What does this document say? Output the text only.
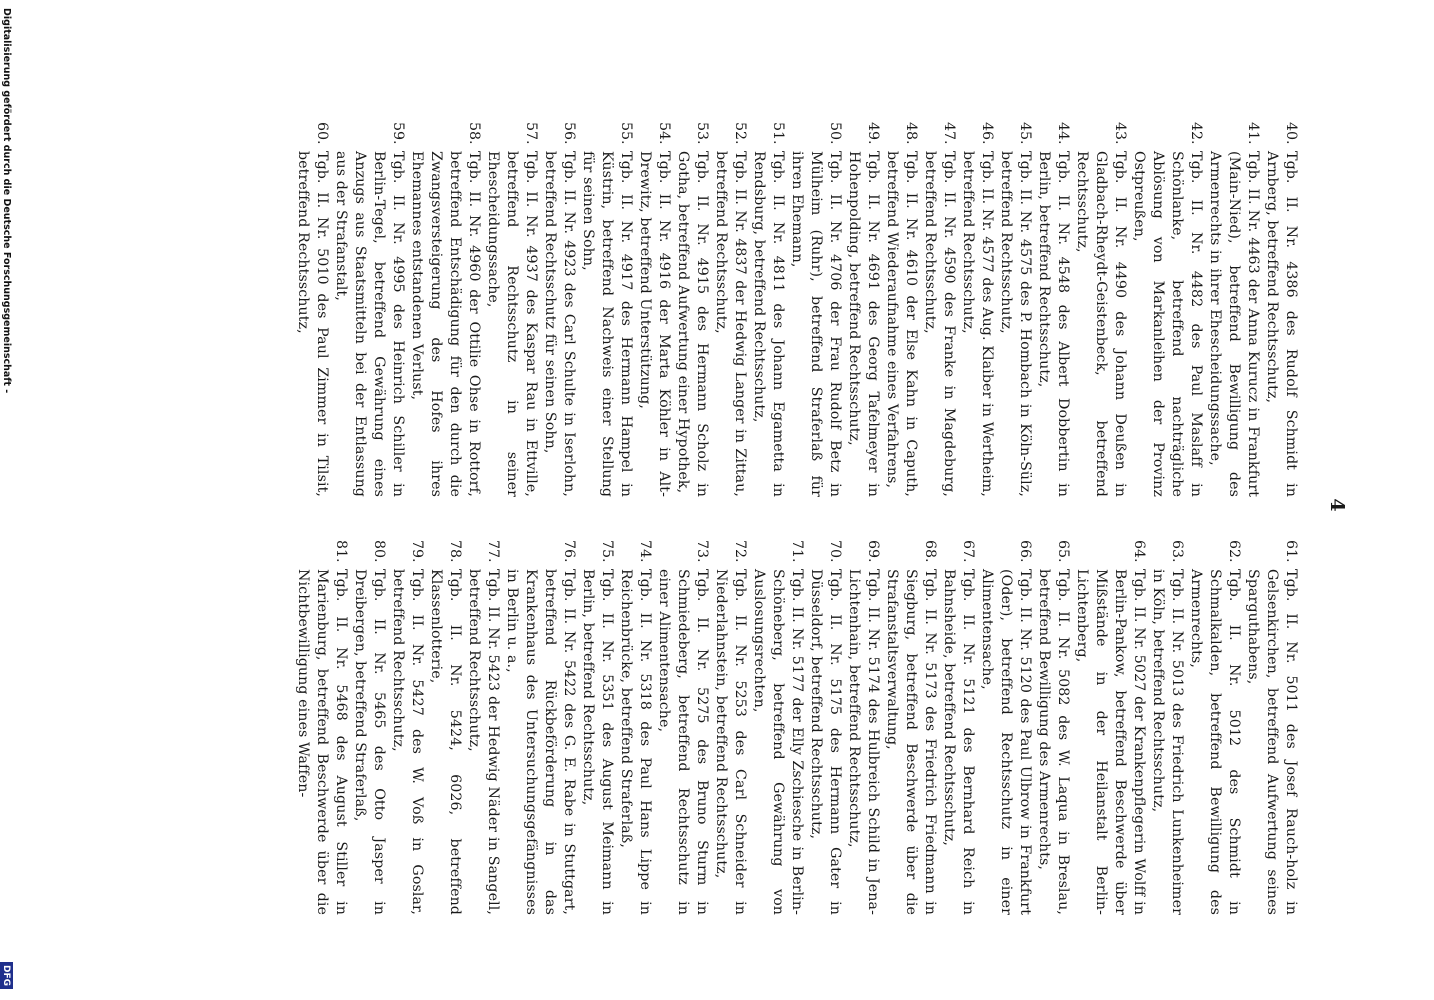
4
40.
Tgb. II. Nr. 4386 des Rudolf Schmidt in Arnberg, betreffend Rechtsschutz,
41.
Tgb. II. Nr. 4463 der Anna Kurucz in Frankfurt (Main-Nied), betreffend Bewilligung des Armenrechts in ihrer Ehescheidungssache,
42.
Tgb. II. Nr. 4482 des Paul Maslaff in Schönlanke, betreffend nachträgliche Ablösung von Markanleihen der Provinz Ostpreußen,
43.
Tgb. II. Nr. 4490 des Johann Deußen in Gladbach-Rheydt-Geistenbeck, betreffend Rechtsschutz,
44.
Tgb. II. Nr. 4548 des Albert Dobbertin in Berlin, betreffend Rechtsschutz,
45.
Tgb. II. Nr. 4575 des P. Hombach in Köln-Sülz, betreffend Rechtsschutz,
46.
Tgb. II. Nr. 4577 des Aug. Klaiber in Wertheim, betreffend Rechtsschutz,
47.
Tgb. II. Nr. 4590 des Franke in Magdeburg, betreffend Rechtsschutz,
48.
Tgb. II. Nr. 4610 der Else Kahn in Caputh, betreffend Wiederaufnahme eines Verfahrens,
49.
Tgb. II. Nr. 4691 des Georg Tafelmeyer in Hohenpolding, betreffend Rechtsschutz,
50.
Tgb. II. Nr. 4706 der Frau Rudolf Betz in Mülheim (Ruhr), betreffend Straferlaß für ihren Ehemann,
51.
Tgb. II. Nr. 4811 des Johann Egametta in Rendsburg, betreffend Rechtsschutz,
52.
Tgb. II. Nr. 4837 der Hedwig Langer in Zittau, betreffend Rechtsschutz,
53.
Tgb. II. Nr. 4915 des Hermann Scholz in Gotha, betreffend Aufwertung einer Hypothek,
54.
Tgb. II. Nr. 4916 der Marta Köhler in Alt-Drewitz, betreffend Unterstützung,
55.
Tgb. II. Nr. 4917 des Hermann Hampel in Küstrin, betreffend Nachweis einer Stellung für seinen Sohn,
56.
Tgb. II. Nr. 4923 des Carl Schulte in Iserlohn, betreffend Rechtsschutz für seinen Sohn,
57.
Tgb. II. Nr. 4937 des Kaspar Rau in Ettville, betreffend Rechtsschutz in seiner Ehescheidungssache,
58.
Tgb. II. Nr. 4960 der Ottilie Ohse in Rottorf, betreffend Entschädigung für den durch die Zwangsversteigerung des Hofes ihres Ehemannes entstandenen Verlust,
59.
Tgb. II. Nr. 4995 des Heinrich Schiller in Berlin-Tegel, betreffend Gewährung eines Anzugs aus Staatsmitteln bei der Entlassung aus der Strafanstalt,
60.
Tgb. II. Nr. 5010 des Paul Zimmer in Tilsit, betreffend Rechtsschutz,
61.
Tgb. II. Nr. 5011 des Josef Rauch-holz in Gelsenkirchen, betreffend Aufwertung seines Sparguthabens,
62.
Tgb. II. Nr. 5012 des Schmidt in Schmalkalden, betreffend Bewilligung des Armenrechts,
63.
Tgb. II. Nr. 5013 des Friedrich Lunkenheimer in Köln, betreffend Rechtsschutz,
64.
Tgb. II. Nr. 5027 der Krankenpflegerin Wolff in Berlin-Pankow, betreffend Beschwerde über Mißstände in der Heilanstalt Berlin-Lichtenberg,
65.
Tgb. II. Nr. 5082 des W. Laqua in Breslau, betreffend Bewilligung des Armenrechts,
66.
Tgb. II. Nr. 5120 des Paul Ulbrow in Frankfurt (Oder), betreffend Rechtsschutz in einer Alimentensache,
67.
Tgb. II. Nr. 5121 des Bernhard Reich in Bahnsheide, betreffend Rechtsschutz,
68.
Tgb. II. Nr. 5173 des Friedrich Friedmann in Siegburg, betreffend Beschwerde über die Strafanstaltsverwaltung,
69.
Tgb. II. Nr. 5174 des Hulbreich Schild in Jena-Lichtenhain, betreffend Rechtsschutz,
70.
Tgb. II. Nr. 5175 des Hermann Gater in Düsseldorf, betreffend Rechtsschutz,
71.
Tgb. II. Nr. 5177 der Elly Zschiesche in Berlin-Schöneberg, betreffend Gewährung von Auslosungsrechten,
72.
Tgb. II. Nr. 5253 des Carl Schneider in Niederlahnstein, betreffend Rechtsschutz,
73.
Tgb. II. Nr. 5275 des Bruno Sturm in Schmiedeberg, betreffend Rechtsschutz in einer Alimentensache,
74.
Tgb. II. Nr. 5318 des Paul Hans Lippe in Reichenbrücke, betreffend Straferlaß,
75.
Tgb. II. Nr. 5351 des August Meimann in Berlin, betreffend Rechtsschutz,
76.
Tgb. II. Nr. 5422 des G. E. Rabe in Stuttgart, betreffend Rückbeförderung in das Krankenhaus des Untersuchungsgefängnisses in Berlin u. a.,
77.
Tgb. II. Nr. 5423 der Hedwig Näder in Sangell, betreffend Rechtsschutz,
78.
Tgb. II. Nr. 5424, 6026, betreffend Klassenlotterie,
79.
Tgb. II. Nr. 5427 des W. Voß in Goslar, betreffend Rechtsschutz,
80.
Tgb. II. Nr. 5465 des Otto Jasper in Dreibergen, betreffend Straferlaß,
81.
Tgb. II. Nr. 5468 des August Stiller in Marienburg, betreffend Beschwerde über die Nichtbewilligung eines Waffen-
Digitalisierung gefördert durch die Deutsche Forschungsgemeinschaft -
DFG
